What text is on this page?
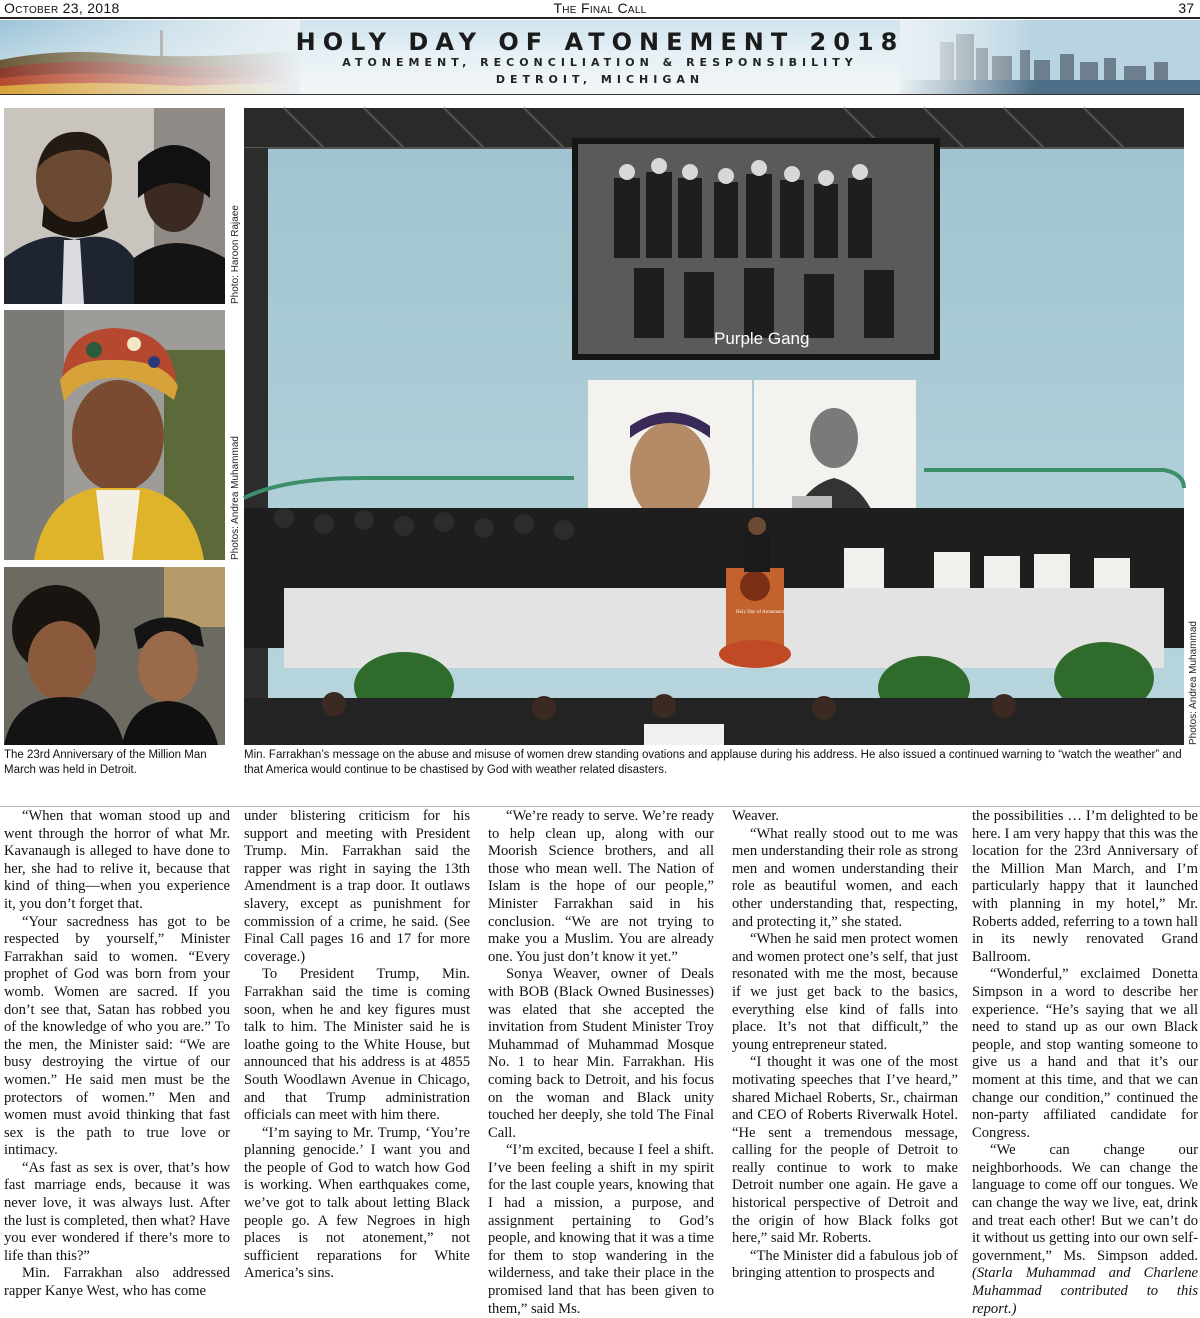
The Final Call
October 23, 2018	37
HOLY DAY OF ATONEMENT 2018
ATONEMENT, RECONCILIATION & RESPONSIBILITY
DETROIT, MICHIGAN
Photo: Haroon Rajaee
Photos: Andrea Muhammad
Purple Gang
Holy Day of Atonement
Photos: Andrea Muhammad
The 23rd Anniversary of the Million Man March was held in Detroit.
Min. Farrakhan’s message on the abuse and misuse of women drew standing ovations and applause during his address. He also issued a continued warning to “watch the weather” and that America would continue to be chastised by God with weather related disasters.

“When that woman stood up and went through the horror of what Mr. Kavanaugh is alleged to have done to her, she had to relive it, because that kind of thing—when you experience it, you don’t forget that.

“Your sacredness has got to be respected by yourself,” Minister Farrakhan said to women. “Every prophet of God was born from your womb. Women are sacred. If you don’t see that, Satan has robbed you of the knowledge of who you are.” To the men, the Minister said: “We are busy destroying the virtue of our women.” He said men must be the protectors of women.” Men and women must avoid thinking that fast sex is the path to true love or intimacy.

“As fast as sex is over, that’s how fast marriage ends, because it was never love, it was always lust. After the lust is completed, then what? Have you ever wondered if there’s more to life than this?”

Min. Farrakhan also addressed rapper Kanye West, who has come

under blistering criticism for his support and meeting with President Trump. Min. Farrakhan said the rapper was right in saying the 13th Amendment is a trap door. It outlaws slavery, except as punishment for commission of a crime, he said. (See Final Call pages 16 and 17 for more coverage.)

To President Trump, Min. Farrakhan said the time is coming soon, when he and key figures must talk to him. The Minister said he is loathe going to the White House, but announced that his address is at 4855 South Woodlawn Avenue in Chicago, and that Trump administration officials can meet with him there.

“I’m saying to Mr. Trump, ‘You’re planning genocide.’ I want you and the people of God to watch how God is working. When earthquakes come, we’ve got to talk about letting Black people go. A few Negroes in high places is not atonement,” not sufficient reparations for White America’s sins.

“We’re ready to serve. We’re ready to help clean up, along with our Moorish Science brothers, and all those who mean well. The Nation of Islam is the hope of our people,” Minister Farrakhan said in his conclusion. “We are not trying to make you a Muslim. You are already one. You just don’t know it yet.”

Sonya Weaver, owner of Deals with BOB (Black Owned Businesses) was elated that she accepted the invitation from Student Minister Troy Muhammad of Muhammad Mosque No. 1 to hear Min. Farrakhan. His coming back to Detroit, and his focus on the woman and Black unity touched her deeply, she told The Final Call.

“I’m excited, because I feel a shift. I’ve been feeling a shift in my spirit for the last couple years, knowing that I had a mission, a purpose, and assignment pertaining to God’s people, and knowing that it was a time for them to stop wandering in the wilderness, and take their place in the promised land that has been given to them,” said Ms.

Weaver.

“What really stood out to me was men understanding their role as strong men and women understanding their role as beautiful women, and each other understanding that, respecting, and protecting it,” she stated.

“When he said men protect women and women protect one’s self, that just resonated with me the most, because if we just get back to the basics, everything else kind of falls into place. It’s not that difficult,” the young entrepreneur stated.

“I thought it was one of the most motivating speeches that I’ve heard,” shared Michael Roberts, Sr., chairman and CEO of Roberts Riverwalk Hotel. “He sent a tremendous message, calling for the people of Detroit to really continue to work to make Detroit number one again. He gave a historical perspective of Detroit and the origin of how Black folks got here,” said Mr. Roberts.

“The Minister did a fabulous job of bringing attention to prospects and

the possibilities … I’m delighted to be here. I am very happy that this was the location for the 23rd Anniversary of the Million Man March, and I’m particularly happy that it launched with planning in my hotel,” Mr. Roberts added, referring to a town hall in its newly renovated Grand Ballroom.

“Wonderful,” exclaimed Donetta Simpson in a word to describe her experience. “He’s saying that we all need to stand up as our own Black people, and stop wanting someone to give us a hand and that it’s our moment at this time, and that we can change our condition,” continued the non-party affiliated candidate for Congress.

“We can change our neighborhoods. We can change the language to come off our tongues. We can change the way we live, eat, drink and treat each other! But we can’t do it without us getting into our own self-government,” Ms. Simpson added. (Starla Muhammad and Charlene Muhammad contributed to this report.)
